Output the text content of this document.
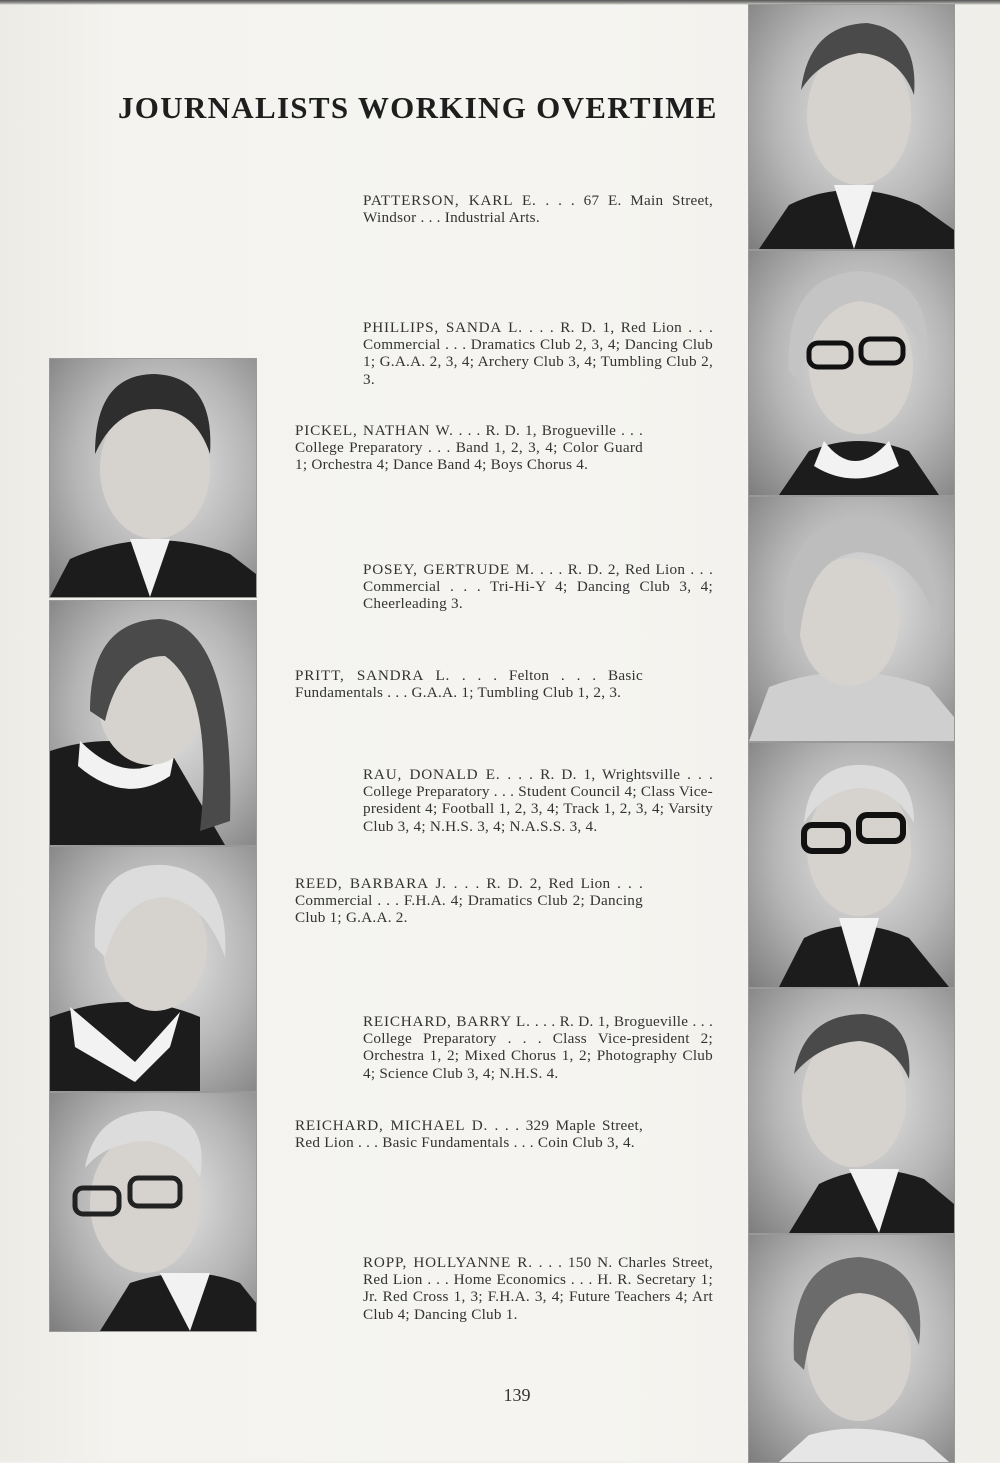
JOURNALISTS WORKING OVERTIME
PATTERSON, KARL E. . . . 67 E. Main Street, Windsor . . . Industrial Arts.
PHILLIPS, SANDA L. . . . R. D. 1, Red Lion . . . Commercial . . . Dramatics Club 2, 3, 4; Dancing Club 1; G.A.A. 2, 3, 4; Archery Club 3, 4; Tumbling Club 2, 3.
PICKEL, NATHAN W. . . . R. D. 1, Brogueville . . . College Preparatory . . . Band 1, 2, 3, 4; Color Guard 1; Orchestra 4; Dance Band 4; Boys Chorus 4.
POSEY, GERTRUDE M. . . . R. D. 2, Red Lion . . . Commercial . . . Tri-Hi-Y 4; Dancing Club 3, 4; Cheerleading 3.
PRITT, SANDRA L. . . . Felton . . . Basic Fundamentals . . . G.A.A. 1; Tumbling Club 1, 2, 3.
RAU, DONALD E. . . . R. D. 1, Wrightsville . . . College Preparatory . . . Student Council 4; Class Vice-president 4; Football 1, 2, 3, 4; Track 1, 2, 3, 4; Varsity Club 3, 4; N.H.S. 3, 4; N.A.S.S. 3, 4.
REED, BARBARA J. . . . R. D. 2, Red Lion . . . Commercial . . . F.H.A. 4; Dramatics Club 2; Dancing Club 1; G.A.A. 2.
REICHARD, BARRY L. . . . R. D. 1, Brogueville . . . College Preparatory . . . Class Vice-president 2; Orchestra 1, 2; Mixed Chorus 1, 2; Photography Club 4; Science Club 3, 4; N.H.S. 4.
REICHARD, MICHAEL D. . . . 329 Maple Street, Red Lion . . . Basic Fundamentals . . . Coin Club 3, 4.
ROPP, HOLLYANNE R. . . . 150 N. Charles Street, Red Lion . . . Home Economics . . . H. R. Secretary 1; Jr. Red Cross 1, 3; F.H.A. 3, 4; Future Teachers 4; Art Club 4; Dancing Club 1.
139
